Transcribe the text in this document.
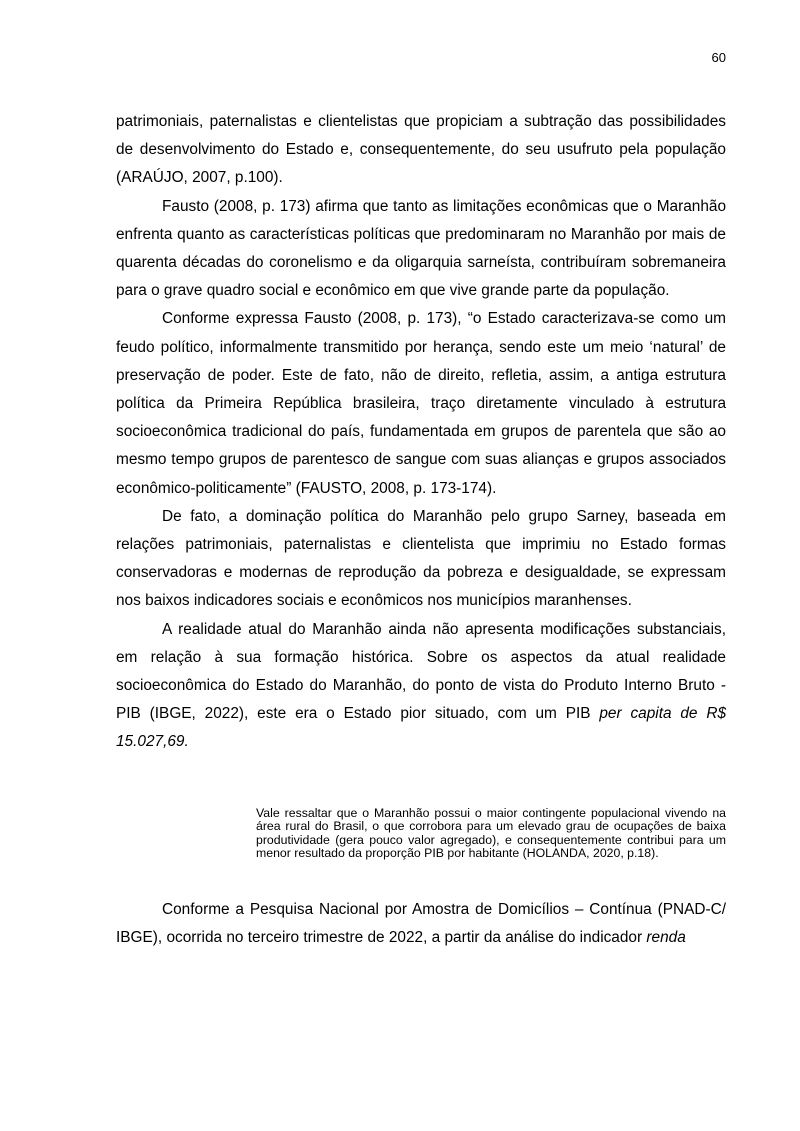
60

patrimoniais, paternalistas e clientelistas que propiciam a subtração das possibilidades de desenvolvimento do Estado e, consequentemente, do seu usufruto pela população (ARAÚJO, 2007, p.100).

Fausto (2008, p. 173) afirma que tanto as limitações econômicas que o Maranhão enfrenta quanto as características políticas que predominaram no Maranhão por mais de quarenta décadas do coronelismo e da oligarquia sarneísta, contribuíram sobremaneira para o grave quadro social e econômico em que vive grande parte da população.

Conforme expressa Fausto (2008, p. 173), “o Estado caracterizava-se como um feudo político, informalmente transmitido por herança, sendo este um meio ‘natural’ de preservação de poder. Este de fato, não de direito, refletia, assim, a antiga estrutura política da Primeira República brasileira, traço diretamente vinculado à estrutura socioeconômica tradicional do país, fundamentada em grupos de parentela que são ao mesmo tempo grupos de parentesco de sangue com suas alianças e grupos associados econômico-politicamente” (FAUSTO, 2008, p. 173-174).

De fato, a dominação política do Maranhão pelo grupo Sarney, baseada em relações patrimoniais, paternalistas e clientelista que imprimiu no Estado formas conservadoras e modernas de reprodução da pobreza e desigualdade, se expressam nos baixos indicadores sociais e econômicos nos municípios maranhenses.

A realidade atual do Maranhão ainda não apresenta modificações substanciais, em relação à sua formação histórica. Sobre os aspectos da atual realidade socioeconômica do Estado do Maranhão, do ponto de vista do Produto Interno Bruto - PIB (IBGE, 2022), este era o Estado pior situado, com um PIB per capita de R$ 15.027,69.

Vale ressaltar que o Maranhão possui o maior contingente populacional vivendo na área rural do Brasil, o que corrobora para um elevado grau de ocupações de baixa produtividade (gera pouco valor agregado), e consequentemente contribui para um menor resultado da proporção PIB por habitante (HOLANDA, 2020, p.18).

Conforme a Pesquisa Nacional por Amostra de Domicílios – Contínua (PNAD-C/ IBGE), ocorrida no terceiro trimestre de 2022, a partir da análise do indicador renda
